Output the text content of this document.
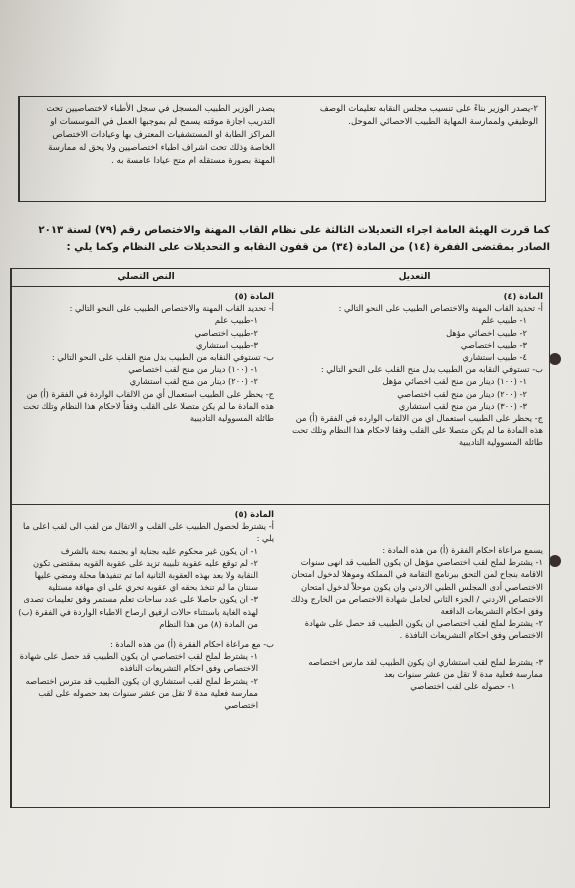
يصدر الوزير الطبيب المسجل في سجل الأطباء لاختصاصيين تحت التدريب اجازة موقته يسمح لم بموجبها العمل في الموسسات او المراكز الطابة او المستشفيات المعترف بها وعيادات الاختصاص الخاصة وذلك تحت اشراف اطباء اختصاصيين ولا يحق له ممارسة المهنة بصورة مستقله ام متح عيادا عامسة به .
٢-يصدر الوزير بناءً على تنسيب مجلس النقابه تعليمات الوصف الوظيفي ولممارسة المهاية الطبيب الاحصائي الموحل.

كما قررت الهيئة العامة اجراء التعديلات الثالثة على نظام القاب المهنة والاختصاص رقم (٧٩) لسنة ٢٠١٣

الصادر بمقتضى الففرة (١٤) من المادة (٣٤) من قفون النقابه و التحديلات على النظام وكما يلي :

النص التصلي	التعديل

المادة (٥)

أ- تحديد القاب المهنة والاختصاص الطبيب على النحو التالي :

١-طبيب علم

٢-طبيب اختصاصي

٣-طبيب استشاري

ب- تستوفي النقابه من الطبيب بدل منح القلب على النحو التالي :

١- (١٠٠) دينار من منح لقب اختصاصي

٢- (٢٠٠) دينار من منح لقب استشاري

ج- يحظر على الطبيب استعمال أي من الالقاب الواردة في الفقرة (أ) من هذه المادة ما لم يكن متصلا على القلب وفقاً لاحكام هذا النظام وتلك تحت طائلة المسوولية التاديبية

المادة (٤)

أ- تحديد القاب المهنة والاختصاص الطبيب على النحو التالي :

١- طبيب علم

٢- طبيب اخصائي مؤهل

٣- طبيب اختصاصي

٤- طبيب استشاري

ب- تستوفي النقابه من الطبيب بدل منح القلب على النحو التالي :

١- (١٠٠) دينار من منح لقب اخصائي مؤهل

٢- (٢٠٠) دينار من منح لقب اختصاصي

٣- (٣٠٠) دينار من منح لقب استشاري

ج- يحظر على الطبيب استعمال اي من الالقاب الوارده في الفقرة (أ) من هذه المادة ما لم يكن متصلا على القلب وفقا لاحكام هذا النظام وتلك تحت طائلة المسوولية التاديبية

المادة (٥)

أ- يشترط لحصول الطبيب على القلب و الاتقال من لقب الى لقب اعلى ما يلي :

١- ان يكون غير محكوم عليه بجناية او بجنمة بحنة بالشرف

٢- لم توقع عليه عقوبة تلبيبة تزيد على عقوبة القويه بمقتضى تكون النقابة ولا بعد بهذه العقوبة الثانية اما تم تنفيذها محلة ومضي عليها سنتان ما لم تنخذ بحقه اي عقوبة تحري على اي مهافة مستلية

٣- ان يكون حاصلا على عدد ساحات تعلم مستمر وفق تعليمات تصدى لهذه الغاية باستثناء حالات ارفيق ارصاح الاطباء الواردة في الفقرة (ب) من المادة (٨) من هذا النظام

ب- مع مراعاة احكام الفقرة (أ) من هذه المادة :

١- يشترط لملح لقب اختصاصي ان يكون الطبيب قد حصل على شهادة الاختصاص وفق احكام التشريعات النافذه

٢- يشترط لملح لقب استشاري ان يكون الطبيب قد مترس اختصاصه ممارسة فعلية مدة لا تقل من عشر سنوات بعد حصوله على لقب اختصاصي

يسمع مراعاة احكام الفقرة (أ) من هذه المادة :

١- يشترط لملح لقب اختصاصي مؤهل ان يكون الطبيب قد انهى سنوات الاقامة بنجاح لمن التحق ببرنامج التقامة في المملكة وموهلا لدخول امتحان الاختصاصي أدى المجلس الطبي الاردني وان يكون موحلاً لدخول امتحان الاختصاص الاردني / الجزء الثاني لحامل شهادة الاختصاص من الخارج وذلك وفق احكام التشريعات الدافعة

٢- يشترط لملح لقب اختصاصي ان يكون الطبيب قد حصل على شهادة الاختصاص وفق احكام التشريعات النافذة .

٣- يشترط لملح لقب استشاري ان يكون الطبيب لقد مارس اختصاصه ممارسة فعلية مدة لا تقل من عشر سنوات بعد

١- حصوله على لقب اختصاصي
